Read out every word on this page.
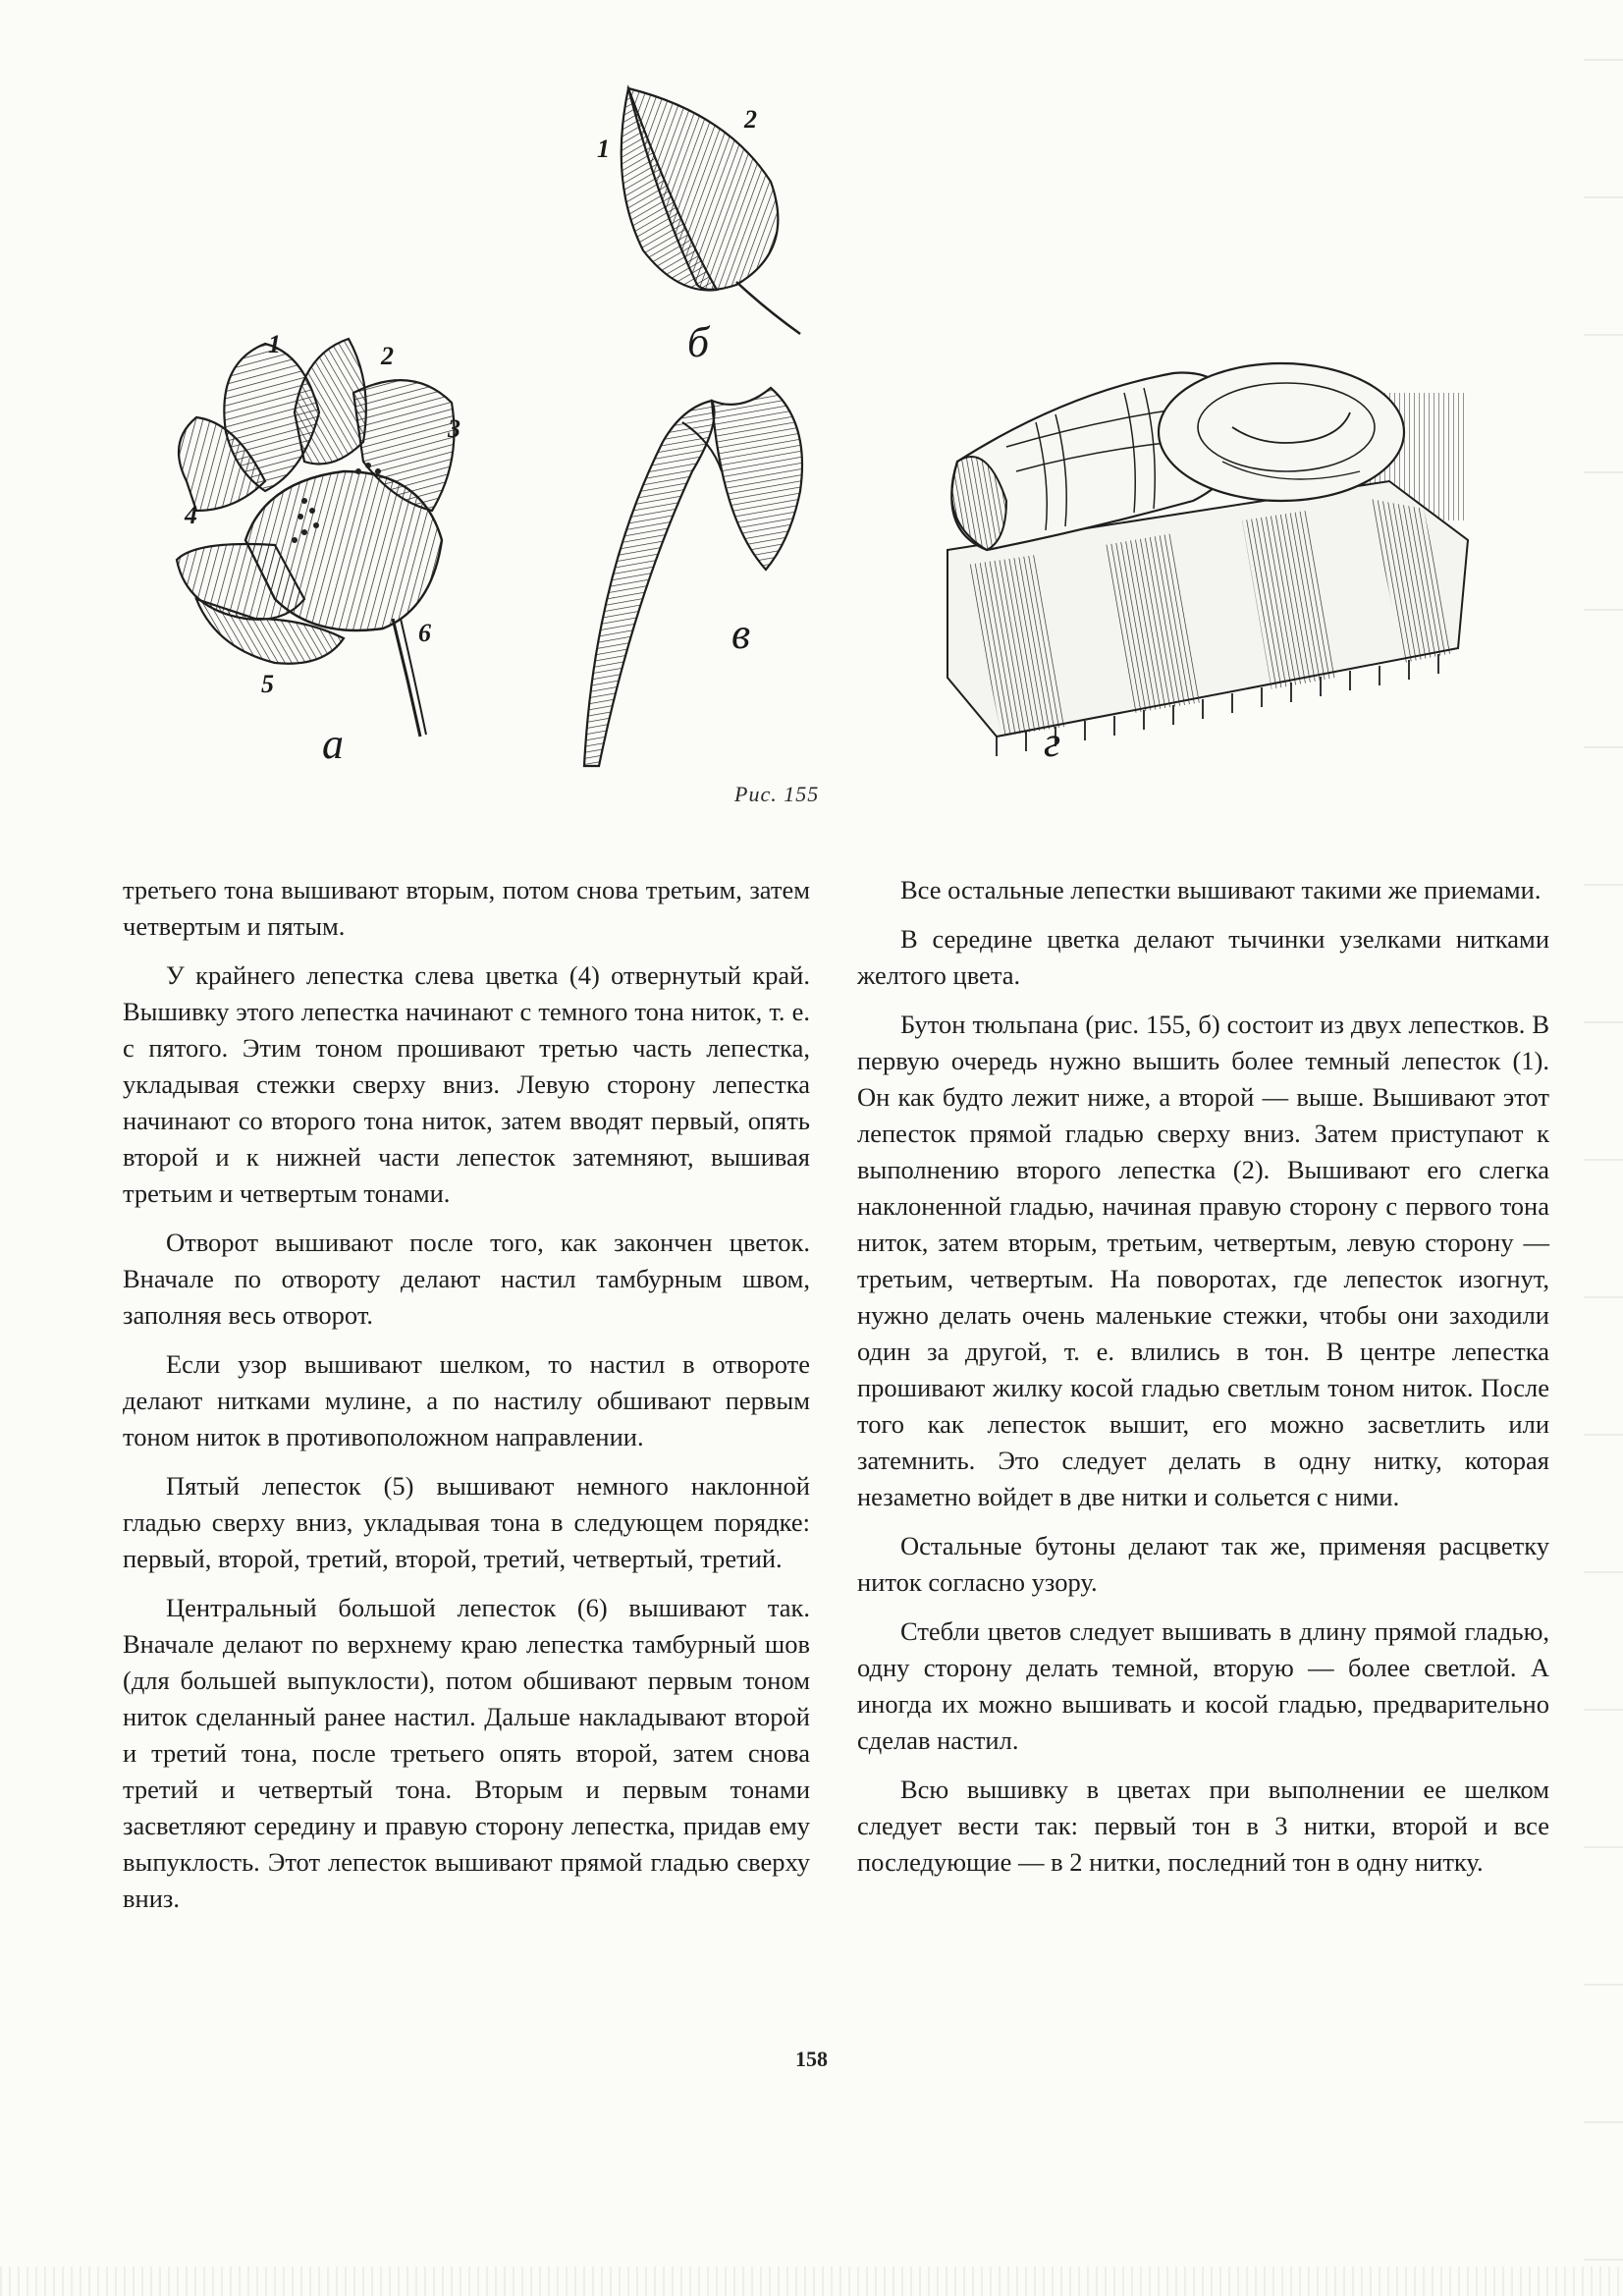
1	2
3
4
5
6
а
1
2
б
в
г
Рис. 155

третьего тона вышивают вторым, потом снова третьим, затем четвертым и пятым.

У крайнего лепестка слева цветка (4) отвернутый край. Вышивку этого лепестка начинают с темного тона ниток, т. е. с пятого. Этим тоном прошивают третью часть лепестка, укладывая стежки сверху вниз. Левую сторону лепестка начинают со второго тона ниток, затем вводят первый, опять второй и к нижней части лепесток затемняют, вышивая третьим и четвертым тонами.

Отворот вышивают после того, как закончен цветок. Вначале по отвороту делают настил тамбурным швом, заполняя весь отворот.

Если узор вышивают шелком, то настил в отвороте делают нитками мулине, а по настилу обшивают первым тоном ниток в противоположном направлении.

Пятый лепесток (5) вышивают немного наклонной гладью сверху вниз, укладывая тона в следующем порядке: первый, второй, третий, второй, третий, четвертый, третий.

Центральный большой лепесток (6) вышивают так. Вначале делают по верхнему краю лепестка тамбурный шов (для большей выпуклости), потом обшивают первым тоном ниток сделанный ранее настил. Дальше накладывают второй и третий тона, после третьего опять второй, затем снова третий и четвертый тона. Вторым и первым тонами засветляют середину и правую сторону лепестка, придав ему выпуклость. Этот лепесток вышивают прямой гладью сверху вниз.

Все остальные лепестки вышивают такими же приемами.

В середине цветка делают тычинки узелками нитками желтого цвета.

Бутон тюльпана (рис. 155, б) состоит из двух лепестков. В первую очередь нужно вышить более темный лепесток (1). Он как будто лежит ниже, а второй — выше. Вышивают этот лепесток прямой гладью сверху вниз. Затем приступают к выполнению второго лепестка (2). Вышивают его слегка наклоненной гладью, начиная правую сторону с первого тона ниток, затем вторым, третьим, четвертым, левую сторону — третьим, четвертым. На поворотах, где лепесток изогнут, нужно делать очень маленькие стежки, чтобы они заходили один за другой, т. е. влились в тон. В центре лепестка прошивают жилку косой гладью светлым тоном ниток. После того как лепесток вышит, его можно засветлить или затемнить. Это следует делать в одну нитку, которая незаметно войдет в две нитки и сольется с ними.

Остальные бутоны делают так же, применяя расцветку ниток согласно узору.

Стебли цветов следует вышивать в длину прямой гладью, одну сторону делать темной, вторую — более светлой. А иногда их можно вышивать и косой гладью, предварительно сделав настил.

Всю вышивку в цветах при выполнении ее шелком следует вести так: первый тон в 3 нитки, второй и все последующие — в 2 нитки, последний тон в одну нитку.

158
